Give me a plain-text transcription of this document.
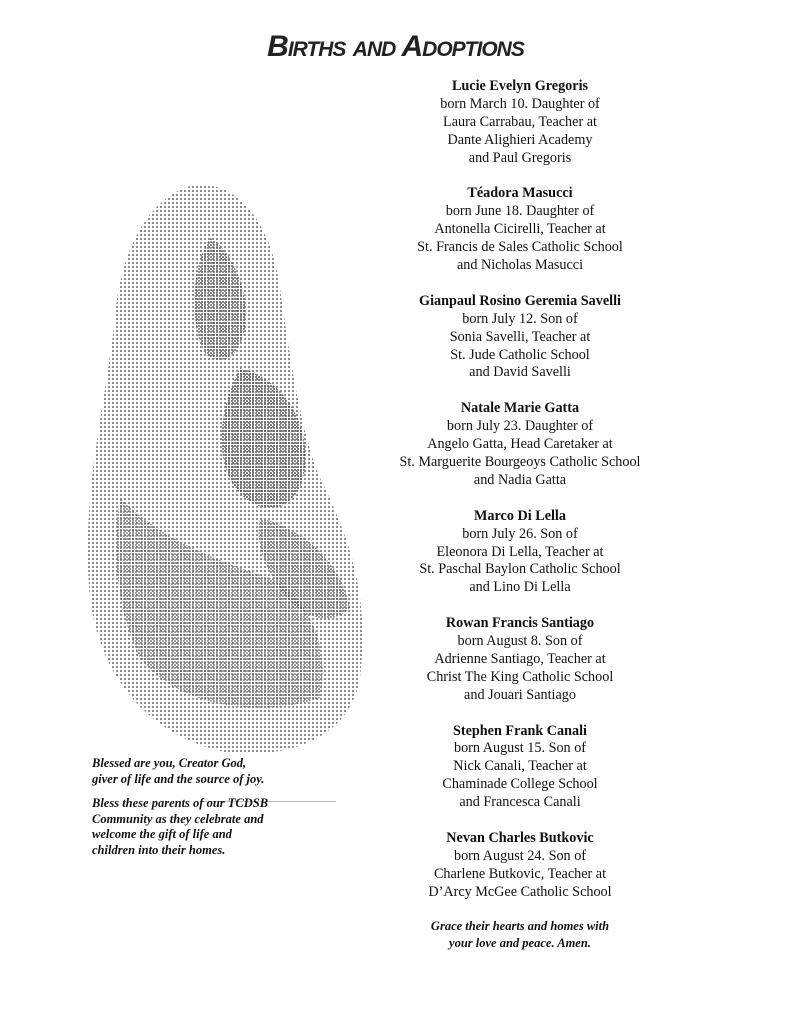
Births and Adoptions
Lucie Evelyn Gregoris
born March 10. Daughter of
Laura Carrabau, Teacher at
Dante Alighieri Academy
and Paul Gregoris
Téadora Masucci
born June 18. Daughter of
Antonella Cicirelli, Teacher at
St. Francis de Sales Catholic School
and Nicholas Masucci
Gianpaul Rosino Geremia Savelli
born July 12. Son of
Sonia Savelli, Teacher at
St. Jude Catholic School
and David Savelli
Natale Marie Gatta
born July 23. Daughter of
Angelo Gatta, Head Caretaker at
St. Marguerite Bourgeoys Catholic School
and Nadia Gatta
Marco Di Lella
born July 26. Son of
Eleonora Di Lella, Teacher at
St. Paschal Baylon Catholic School
and Lino Di Lella
Rowan Francis Santiago
born August 8. Son of
Adrienne Santiago, Teacher at
Christ The King Catholic School
and Jouari Santiago
Stephen Frank Canali
born August 15. Son of
Nick Canali, Teacher at
Chaminade College School
and Francesca Canali
Nevan Charles Butkovic
born August 24. Son of
Charlene Butkovic, Teacher at
D’Arcy McGee Catholic School
Grace their hearts and homes with
your love and peace. Amen.

Blessed are you, Creator God,
giver of life and the source of joy.

Bless these parents of our TCDSB
Community as they celebrate and
welcome the gift of life and
children into their homes.
